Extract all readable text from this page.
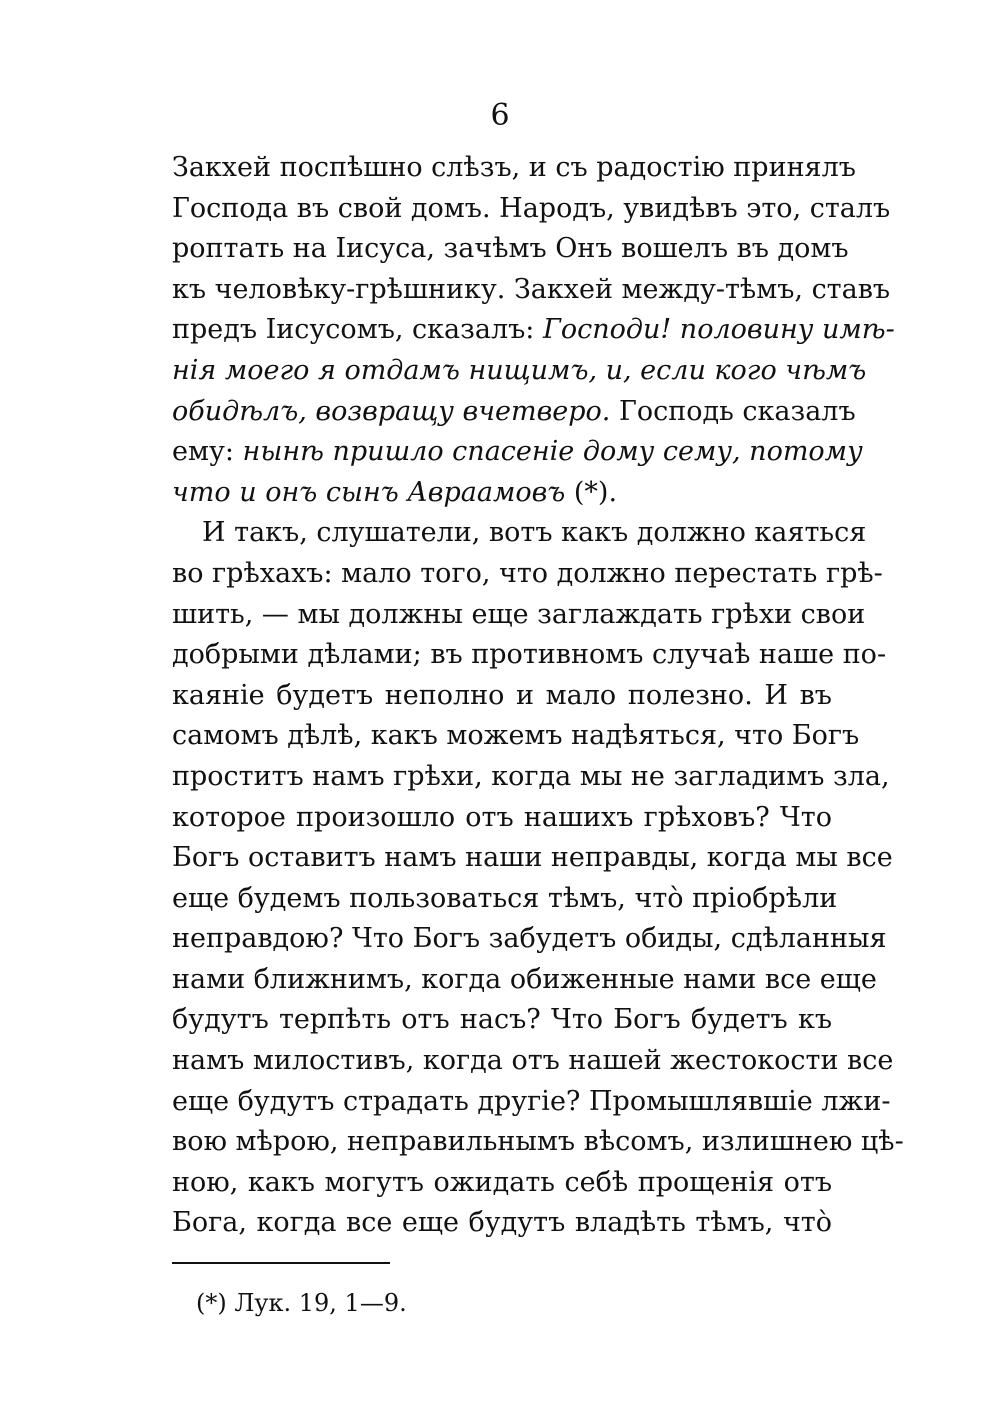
6
Закхей поспѣшно слѣзъ, и съ радостію принялъ
Господа въ свой домъ. Народъ, увидѣвъ это, сталъ
роптать на Іисуса, зачѣмъ Онъ вошелъ въ домъ
къ человѣку-грѣшнику. Закхей между-тѣмъ, ставъ
предъ Іисусомъ, сказалъ: Господи! половину имѣ-
нія моего я отдамъ нищимъ, и, если кого чѣмъ
обидѣлъ, возвращу вчетверо. Господь сказалъ
ему: нынѣ пришло спасеніе дому сему, потому
что и онъ сынъ Авраамовъ (*).
И такъ, слушатели, вотъ какъ должно каяться
во грѣхахъ: мало того, что должно перестать грѣ-
шить, — мы должны еще заглаждать грѣхи свои
добрыми дѣлами; въ противномъ случаѣ наше по-
каяніе будетъ неполно и мало полезно. И въ
самомъ дѣлѣ, какъ можемъ надѣяться, что Богъ
проститъ намъ грѣхи, когда мы не загладимъ зла,
которое произошло отъ нашихъ грѣховъ? Что
Богъ оставитъ намъ наши неправды, когда мы все
еще будемъ пользоваться тѣмъ, что̀ пріобрѣли
неправдою? Что Богъ забудетъ обиды, сдѣланныя
нами ближнимъ, когда обиженные нами все еще
будутъ терпѣть отъ насъ? Что Богъ будетъ къ
намъ милостивъ, когда отъ нашей жестокости все
еще будутъ страдать другіе? Промышлявшіе лжи-
вою мѣрою, неправильнымъ вѣсомъ, излишнею цѣ-
ною, какъ могутъ ожидать себѣ прощенія отъ
Бога, когда все еще будутъ владѣть тѣмъ, что̀
(*) Лук. 19, 1—9.
